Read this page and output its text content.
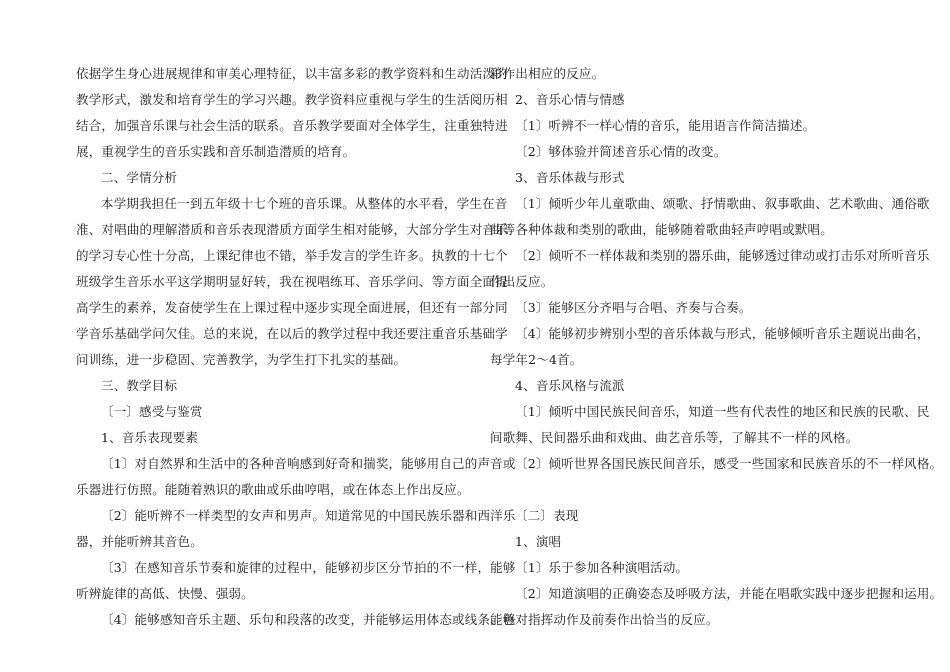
依据学生身心进展规律和审美心理特征，以丰富多彩的教学资料和生动活泼的
教学形式，激发和培育学生的学习兴趣。教学资料应重视与学生的生活阅历相
结合，加强音乐课与社会生活的联系。音乐教学要面对全体学生，注重独特进
展，重视学生的音乐实践和音乐制造潜质的培育。
二、学情分析
本学期我担任一到五年级十七个班的音乐课。从整体的水平看，学生在音
准、对唱曲的理解潜质和音乐表现潜质方面学生相对能够，大部分学生对音乐
的学习专心性十分高，上课纪律也不错，举手发言的学生许多。执教的十七个
班级学生音乐水平这学期明显好转，我在视唱练耳、音乐学问、等方面全面提
高学生的素养，发奋使学生在上课过程中逐步实现全面进展，但还有一部分同
学音乐基础学问欠佳。总的来说，在以后的教学过程中我还要注重音乐基础学
问训练，进一步稳固、完善教学，为学生打下扎实的基础。
三、教学目标
〔一〕感受与鉴赏
1、音乐表现要素
〔1〕对自然界和生活中的各种音响感到好奇和揣奖，能够用自己的声音或
乐器进行仿照。能随着熟识的歌曲或乐曲哼唱，或在体态上作出反应。
〔2〕能听辨不一样类型的女声和男声。知道常见的中国民族乐器和西洋乐
器，并能听辨其音色。
〔3〕在感知音乐节奏和旋律的过程中，能够初步区分节拍的不一样，能够
听辨旋律的高低、快慢、强弱。
〔4〕能够感知音乐主题、乐句和段落的改变，并能够运用体态或线条、色
彩作出相应的反应。
2、音乐心情与情感
〔1〕听辨不一样心情的音乐，能用语言作简洁描述。
〔2〕够体验并简述音乐心情的改变。
3、音乐体裁与形式
〔1〕倾听少年儿童歌曲、颂歌、抒情歌曲、叙事歌曲、艺术歌曲、通俗歌
曲等各种体裁和类别的歌曲，能够随着歌曲轻声哼唱或默唱。
〔2〕倾听不一样体裁和类别的器乐曲，能够透过律动或打击乐对所听音乐
作出反应。
〔3〕能够区分齐唱与合唱、齐奏与合奏。
〔4〕能够初步辨别小型的音乐体裁与形式，能够倾听音乐主题说出曲名，
每学年2～4首。
4、音乐风格与流派
〔1〕倾听中国民族民间音乐，知道一些有代表性的地区和民族的民歌、民
间歌舞、民间器乐曲和戏曲、曲艺音乐等，了解其不一样的风格。
〔2〕倾听世界各国民族民间音乐，感受一些国家和民族音乐的不一样风格。
〔二〕表现
1、演唱
〔1〕乐于参加各种演唱活动。
〔2〕知道演唱的正确姿态及呼吸方法，并能在唱歌实践中逐步把握和运用。
能够对指挥动作及前奏作出恰当的反应。
